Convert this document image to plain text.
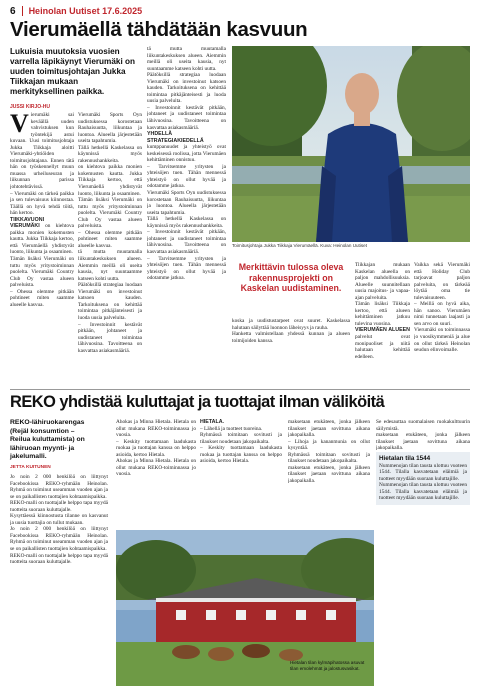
6 Heinolan Uutiset 17.6.2025
Vierumäellä tähdätään kasvuun
Lukuisia muutoksia vuosien varrella läpikäynyt Vierumäki on uuden toimitusjohtajan Jukka Tiikkajan mukaan merkityksellinen paikka.
JUSSI KIRJO-HU

Vierumäki sai keväällä uuden vahvistuksen kun työntekijä astui kuvaan. Uusi toimitusjohtaja Jukka Tiikkaja aloitti Vierumäki-yhtiöiden toimitusjohtajana. Ennen tätä hän on työskennellyt muun muassa urheiluseuran ja liikunnan parissa johtotehtävissä.

– Vierumäki on tärkeä paikka ja sen tulevaisuus kiinnostaa. Täällä on hyvä tehdä töitä, hän kertoo.

TIIKKAVUONI VIERUMÄKI on kiehtova paikka monien kokemusten kautta. Jukka Tiikkaja kertoo, että Vierumäellä yhdistyvät luonto, liikunta ja osaaminen.

Tämän lisäksi Vierumäki on tuttu myös yritystoiminnan puolelta. Vierumäki Country Club Oy vastaa alueen palveluista.

– Ohessa olemme pitkään pohtineet miten saamme alueelle kasvua.

Vierumäki Sports Oyn uudistuksessa korostetaan Rauhaisuutta, liikuntaa ja luontoa. Alueella järjestetään useita tapahtumia.

Tällä hetkellä Kaskelassa on käynnissä myös rakennushankkeita.

on kiehtova paikka monien kokemusten kautta. Jukka Tiikkaja kertoo, että Vierumäellä yhdistyvät luonto, liikunta ja osaaminen.

Tämän lisäksi Vierumäki on tuttu myös yritystoiminnan puolelta. Vierumäki Country Club Oy vastaa alueen palveluista.

– Ohessa olemme pitkään pohtineet miten saamme alueelle kasvua.

tä mutta muutamalla liikuntakeskuksen alueen. Aiemmin meillä oli useita kausia, nyt suuntaamme katseen kohti uutta.

Päätöksillä strategiaa luodaan Vierumäki on investoinut katsoen kauden. Tarkoituksena on kehittää toimintaa pitkäjänteisesti ja luoda uusia palveluita.

– Investoinnit kestävät pitkään, johtaneet ja uudistaneet toimintaa lähivuosina. Tavoitteena on kasvattaa asiakasmääriä.

tä mutta muutamalla liikuntakeskuksen alueen. Aiemmin meillä oli useita kausia, nyt suuntaamme katseen kohti uutta.

Päätöksillä strategiaa luodaan Vierumäki on investoinut katsoen kauden. Tarkoituksena on kehittää toimintaa pitkäjänteisesti ja luoda uusia palveluita.

– Investoinnit kestävät pitkään, johtaneet ja uudistaneet toimintaa lähivuosina. Tavoitteena on kasvattaa asiakasmääriä.

YHDELLÄ STRATEGIAKIEDELLÄ kumppanuudet ja yhteistyö ovat keskeisessä roolissa, jotta Vierumäen kehittäminen onnistuu.

– Tarvitsemme yritysten ja yhteisöjen tuen. Tähän mennessä yhteistyö on ollut hyvää ja odotamme jatkoa.

Vierumäki Sports Oyn uudistuksessa korostetaan Rauhaisuutta, liikuntaa ja luontoa. Alueella järjestetään useita tapahtumia.

Tällä hetkellä Kaskelassa on käynnissä myös rakennushankkeita.

– Investoinnit kestävät pitkään, johtaneet ja uudistaneet toimintaa lähivuosina. Tavoitteena on kasvattaa asiakasmääriä.

– Tarvitsemme yritysten ja yhteisöjen tuen. Tähän mennessä yhteistyö on ollut hyvää ja odotamme jatkoa.

Toimitusjohtaja Jukka Tiikkaja Vierumäellä. Kuva: Heinolan Uutiset
Merkittävin tulossa oleva rakennusprojekti on Kaskelan uudistaminen.

koska ja uudistustarpeet ovat suuret. Kaskelassa halutaan säilyttää luonnon läheisyys ja rauha.

Hanketta valmistellaan yhdessä kunnan ja alueen toimijoiden kanssa.

Tiikkajan mukaan Kaskelan alueella on paljon mahdollisuuksia. Alueelle suunnitellaan uusia majoitus- ja vapaa-ajan palveluita.

Tämän lisäksi Tiikkaja kertoo, että alueen kehittäminen jatkuu tulevina vuosina.

VIERUMÄEN ALUEEN palvelut ovat monipuoliset ja niitä halutaan kehittää edelleen.

Vaikka sekä Vierumäki että Holiday Club tarjoavat paljon palveluita, on tärkeää löytää oma tie tulevaisuuteen.

– Meillä on hyvä aika, hän sanoo. Vierumäen nimi tunnetaan laajasti ja sen arvo on suuri.

Vierumäki on toiminnassa jo vuosikymmeniä ja alue on ollut tärkeä Heinolan seudun elinvoimalle.

REKO yhdistää kuluttajat ja tuottajat ilman väliköitä
REKO-lähiruokarengas (Rejäl konsumtion – Reilua kuluttamista) on lähiruoan myynti- ja jakelumalli.
JETTA KUITUNEN

Jo noin 2 000 henkilöä on liittynyt Facebookissa REKO-ryhmään Heinolan. Ryhmä on toiminut useamman vuoden ajan ja se on paikallisten tuottajien kohtaamispaikka.

REKO-malli on tuottajalle helppo tapa myydä tuotteita suoraan kuluttajalle.

Kysyttäessä kiinnostusta tilanne on kasvanut ja uusia tuottajia on tullut mukaan.

Jo noin 2 000 henkilöä on liittynyt Facebookissa REKO-ryhmään Heinolan. Ryhmä on toiminut useamman vuoden ajan ja se on paikallisten tuottajien kohtaamispaikka.

REKO-malli on tuottajalle helppo tapa myydä tuotteita suoraan kuluttajalle.

Ahokas ja Minna Hietala. Hietala on ollut mukana REKO-toiminnassa jo vuosia.

– Keskity tuottamaan laadukasta ruokaa ja tuottajan kanssa on helppo asioida, kertoo Hietala.

Ahokas ja Minna Hietala. Hietala on ollut mukana REKO-toiminnassa jo vuosia.

HIETALA.

– Lähellä ja tuotteet tuoreina.

Ryhmässä toimitaan sovitusti ja tilaukset noudetaan jakopaikalta.

– Keskity tuottamaan laadukasta ruokaa ja tuottajan kanssa on helppo asioida, kertoo Hietala.

maksetaan etukäteen, jonka jälkeen tilaukset jaetaan sovittuna aikana jakopaikalla.

– Lihoja ja kananmunia on ollut kysyntää.

Ryhmässä toimitaan sovitusti ja tilaukset noudetaan jakopaikalta.

maksetaan etukäteen, jonka jälkeen tilaukset jaetaan sovittuna aikana jakopaikalla.

Se edesauttaa suomalaisen ruokakulttuurin säilymistä.

maksetaan etukäteen, jonka jälkeen tilaukset jaetaan sovittuna aikana jakopaikalla.

Hietalan tila 1544

Nummenojan tilan tausta ulottuu vuoteen 1544. Tilalla kasvatetaan eläimiä ja tuotteet myydään suoraan kuluttajille.

Nummenojan tilan tausta ulottuu vuoteen 1544. Tilalla kasvatetaan eläimiä ja tuotteet myydään suoraan kuluttajille.

Hietalan tilan kylmäpihatossa asuvat tilan emolehmät ja jalostusvasikat.
